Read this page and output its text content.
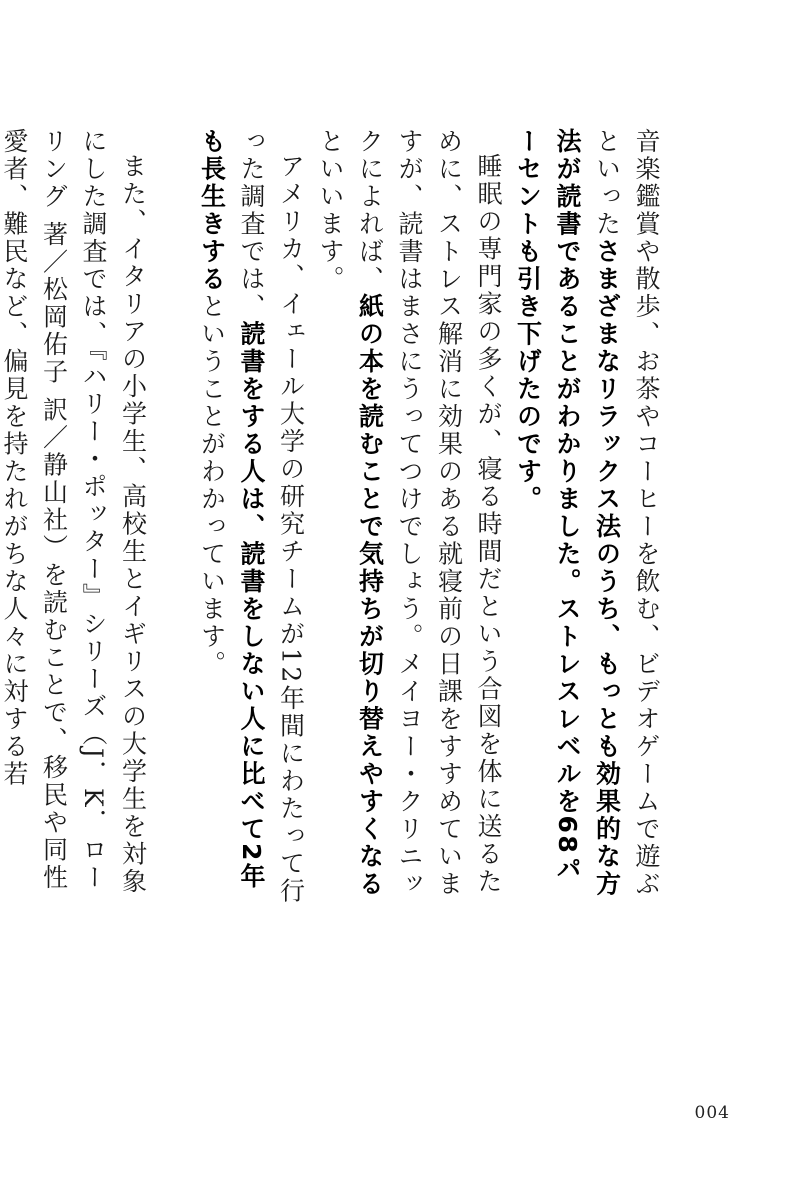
音楽鑑賞や散歩、お茶やコーヒーを飲む、ビデオゲームで遊ぶといったさまざまなリラックス法のうち、もっとも効果的な方法が読書であることがわかりました。ストレスレベルを68パーセントも引き下げたのです。

睡眠の専門家の多くが、寝る時間だという合図を体に送るために、ストレス解消に効果のある就寝前の日課をすすめていますが、読書はまさにうってつけでしょう。メイヨー・クリニックによれば、紙の本を読むことで気持ちが切り替えやすくなるといいます。

アメリカ、イェール大学の研究チームが12年間にわたって行った調査では、読書をする人は、読書をしない人に比べて2年も長生きするということがわかっています。

また、イタリアの小学生、高校生とイギリスの大学生を対象にした調査では、『ハリー・ポッター』シリーズ（J．K．ローリング 著／松岡佑子 訳／静山社）を読むことで、移民や同性愛者、難民など、偏見を持たれがちな人々に対する若

004
